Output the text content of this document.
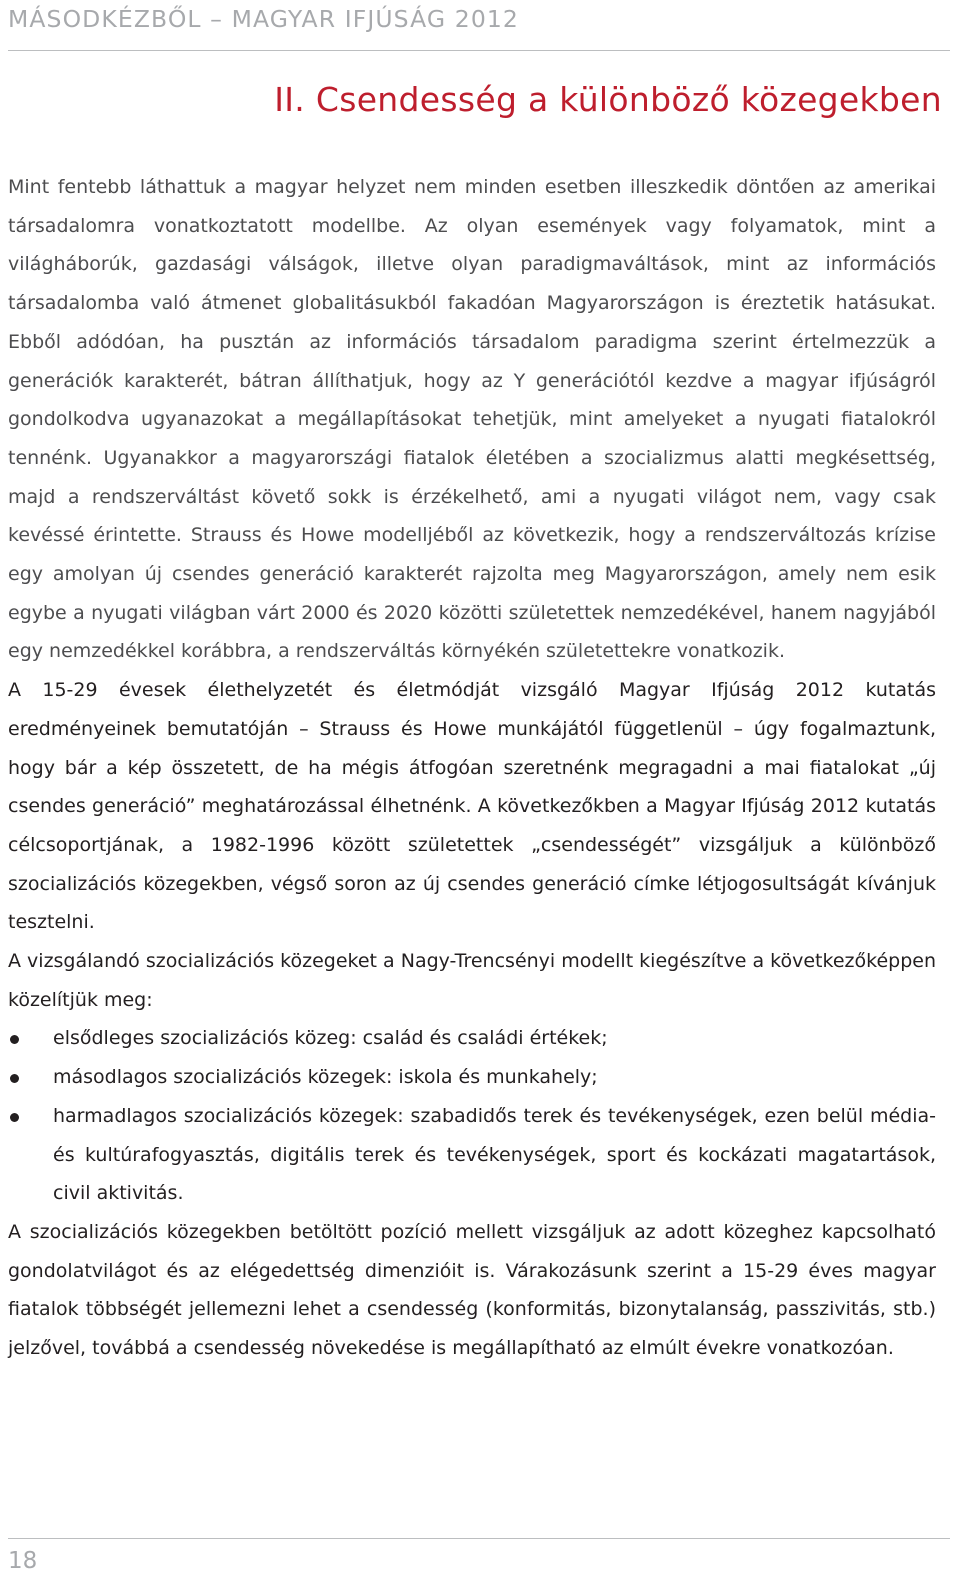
MÁSODKÉZBŐL – MAGYAR IFJÚSÁG 2012
II. Csendesség a különböző közegekben

Mint fentebb láthattuk a magyar helyzet nem minden esetben illeszkedik döntően az amerikai társadalomra vonatkoztatott modellbe. Az olyan események vagy folyamatok, mint a világháborúk, gazdasági válságok, illetve olyan paradigmaváltások, mint az információs társadalomba való átmenet globalitásukból fakadóan Magyarországon is éreztetik hatásukat. Ebből adódóan, ha pusztán az információs társadalom paradigma szerint értelmezzük a generációk karakterét, bátran állíthatjuk, hogy az Y generációtól kezdve a magyar ifjúságról gondolkodva ugyanazokat a megállapításokat tehetjük, mint amelyeket a nyugati fiatalokról tennénk. Ugyanakkor a magyarországi fiatalok életében a szocializmus alatti megkésettség, majd a rendszerváltást követő sokk is érzékelhető, ami a nyugati világot nem, vagy csak kevéssé érintette. Strauss és Howe modelljéből az következik, hogy a rendszerváltozás krízise egy amolyan új csendes generáció karakterét rajzolta meg Magyarországon, amely nem esik egybe a nyugati világban várt 2000 és 2020 közötti születettek nemzedékével, hanem nagyjából egy nemzedékkel korábbra, a rendszerváltás környékén születettekre vonatkozik.

A 15-29 évesek élethelyzetét és életmódját vizsgáló Magyar Ifjúság 2012 kutatás eredményeinek bemutatóján – Strauss és Howe munkájától függetlenül – úgy fogalmaztunk, hogy bár a kép összetett, de ha mégis átfogóan szeretnénk megragadni a mai fiatalokat „új csendes generáció” meghatározással élhetnénk. A következőkben a Magyar Ifjúság 2012 kutatás célcsoportjának, a 1982-1996 között születettek „csendességét” vizsgáljuk a különböző szocializációs közegekben, végső soron az új csendes generáció címke létjogosultságát kívánjuk tesztelni.

A vizsgálandó szocializációs közegeket a Nagy-Trencsényi modellt kiegészítve a következőképpen közelítjük meg:

elsődleges szocializációs közeg: család és családi értékek;
másodlagos szocializációs közegek: iskola és munkahely;
harmadlagos szocializációs közegek: szabadidős terek és tevékenységek, ezen belül média- és kultúrafogyasztás, digitális terek és tevékenységek, sport és kockázati magatartások, civil aktivitás.

A szocializációs közegekben betöltött pozíció mellett vizsgáljuk az adott közeghez kapcsolható gondolatvilágot és az elégedettség dimenzióit is. Várakozásunk szerint a 15-29 éves magyar fiatalok többségét jellemezni lehet a csendesség (konformitás, bizonytalanság, passzivitás, stb.) jelzővel, továbbá a csendesség növekedése is megállapítható az elmúlt évekre vonatkozóan.

18
